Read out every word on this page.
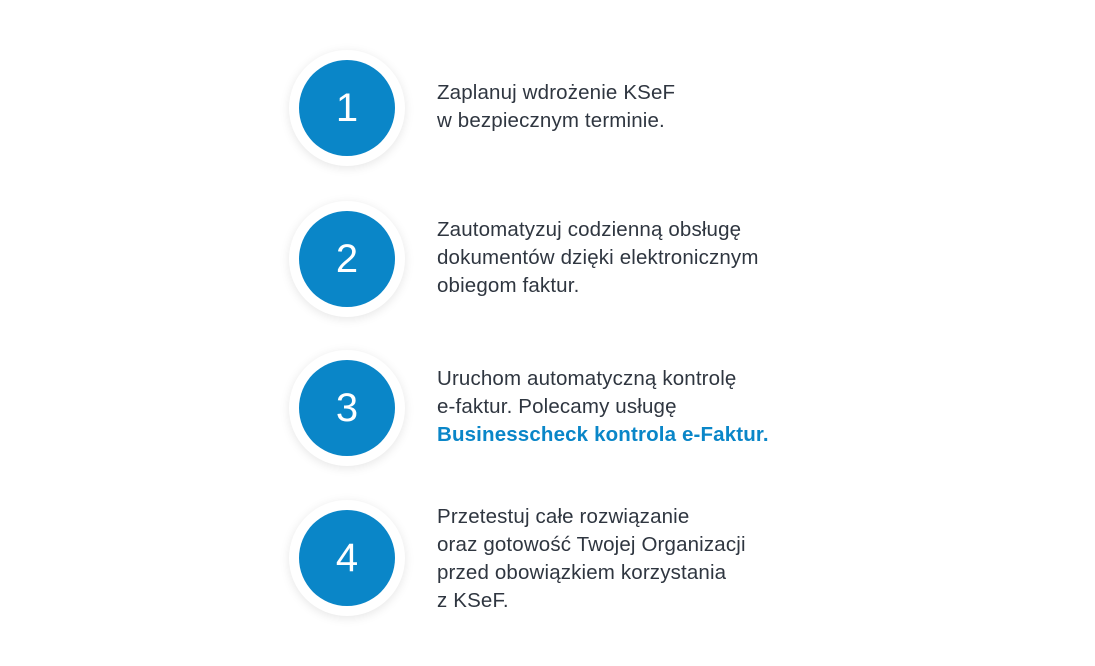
1	Zaplanuj wdrożenie KSeF
w bezpiecznym terminie.
2
Zautomatyzuj codzienną obsługę
dokumentów dzięki elektronicznym
obiegom faktur.
3
Uruchom automatyczną kontrolę
e-faktur. Polecamy usługę
Businesscheck kontrola e-Faktur.
4
Przetestuj całe rozwiązanie
oraz gotowość Twojej Organizacji
przed obowiązkiem korzystania
z KSeF.
